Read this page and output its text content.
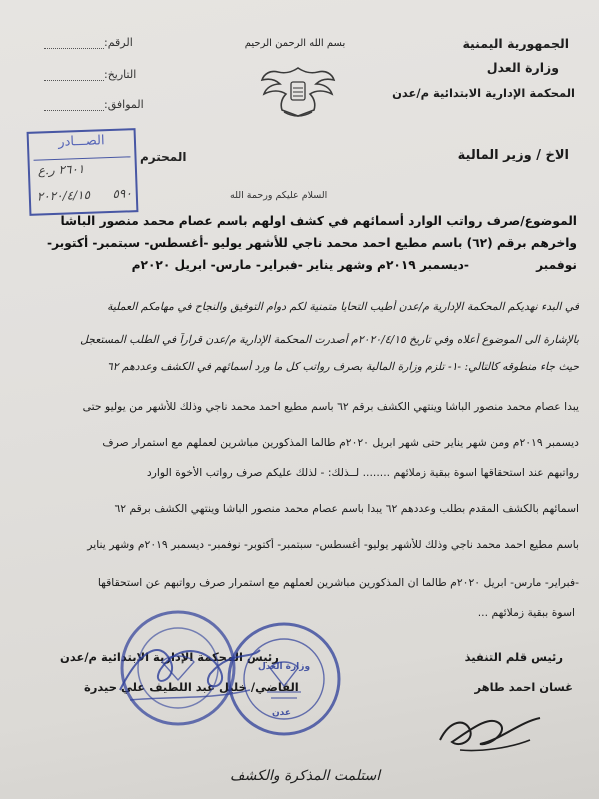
الجمهورية اليمنية
وزارة العدل
المحكمة الإدارية الابتدائية م/عدن
بسم الله الرحمن الرحيم
الرقم:
التاريخ:
الموافق:
الصـــادر
٢٦٠١ ر.ع
٢٠٢٠/٤/١٥ ٥٩٠
المحترم	الاخ / وزير المالية
السلام عليكم ورحمة الله
الموضوع/صرف رواتب الوارد أسمائهم في كشف اولهم باسم عصام محمد منصور الباشا
واخرهم برقم (٦٢) باسم مطيع احمد محمد ناجي للأشهر يوليو -أغسطس- سبتمبر- أكتوبر-نوفمبر
-ديسمبر ٢٠١٩م وشهر يناير -فبراير- مارس- ابريل ٢٠٢٠م
في البدء نهديكم المحكمة الإدارية م/عدن أطيب التحايا متمنية لكم دوام التوفيق والنجاح في مهامكم العملية
بالإشارة الى الموضوع أعلاه وفي تاريخ ٢٠٢٠/٤/١٥م أصدرت المحكمة الإدارية م/عدن قراراً في الطلب المستعجل
حيث جاء منطوقه كالتالي: -١- تلزم وزارة المالية بصرف رواتب كل ما ورد أسمائهم في الكشف وعددهم ٦٢
يبدا عصام محمد منصور الباشا وينتهي الكشف برقم ٦٢ باسم مطيع احمد محمد ناجي وذلك للأشهر من يوليو حتى
ديسمبر ٢٠١٩م ومن شهر يناير حتى شهر ابريل ٢٠٢٠م طالما المذكورين مباشرين لعملهم مع استمرار صرف
رواتبهم عند استحقاقها اسوة ببقية زملائهم ........ لــذلك: - لذلك عليكم صرف رواتب الأخوة الوارد
اسمائهم بالكشف المقدم بطلب وعددهم ٦٢ يبدا باسم عصام محمد منصور الباشا وينتهي الكشف برقم ٦٢
باسم مطيع احمد محمد ناجي وذلك للأشهر يوليو- أغسطس- سبتمبر- أكتوبر- نوفمبر- ديسمبر ٢٠١٩م وشهر يناير
-فبراير- مارس- ابريل ٢٠٢٠م طالما ان المذكورين مباشرين لعملهم مع استمرار صرف رواتبهم عن استحقاقها
اسوة ببقية زملائهم ...
رئيس قلم التنفيذ
غسان احمد طاهر
رئيس المحكمة الإدارية الابتدائية م/عدن
القاضي/ خليل عبد اللطيف علي حيدرة
وزارة العدل
عدن
استلمت المذكرة والكشف
